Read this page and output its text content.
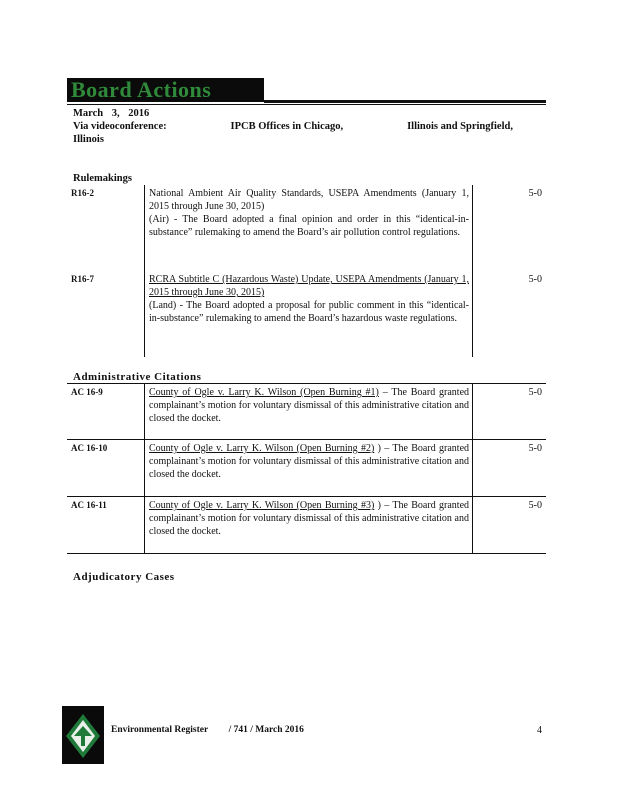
Board Actions
March 3, 2016
Via videoconference:	IPCB Offices in Chicago,	Illinois and Springfield,
Illinois
Rulemakings
R16-2	National Ambient Air Quality Standards, USEPA Amendments (January 1, 2015 through June 30, 2015)
(Air) - The Board adopted a final opinion and order in this “identical-in-substance” rulemaking to amend the Board’s air pollution control regulations.	5-0
R16-7	RCRA Subtitle C (Hazardous Waste) Update, USEPA Amendments (January 1, 2015 through June 30, 2015)
(Land) - The Board adopted a proposal for public comment in this “identical-in-substance” rulemaking to amend the Board’s hazardous waste regulations.	5-0
Administrative Citations
AC 16-9	County of Ogle v. Larry K. Wilson (Open Burning #1) – The Board granted complainant’s motion for voluntary dismissal of this administrative citation and closed the docket.	5-0
AC 16-10	County of Ogle v. Larry K. Wilson (Open Burning #2) ) – The Board granted complainant’s motion for voluntary dismissal of this administrative citation and closed the docket.	5-0
AC 16-11	County of Ogle v. Larry K. Wilson (Open Burning #3) ) – The Board granted complainant’s motion for voluntary dismissal of this administrative citation and closed the docket.	5-0
Adjudicatory Cases
Environmental Register / 741 / March 2016	4
